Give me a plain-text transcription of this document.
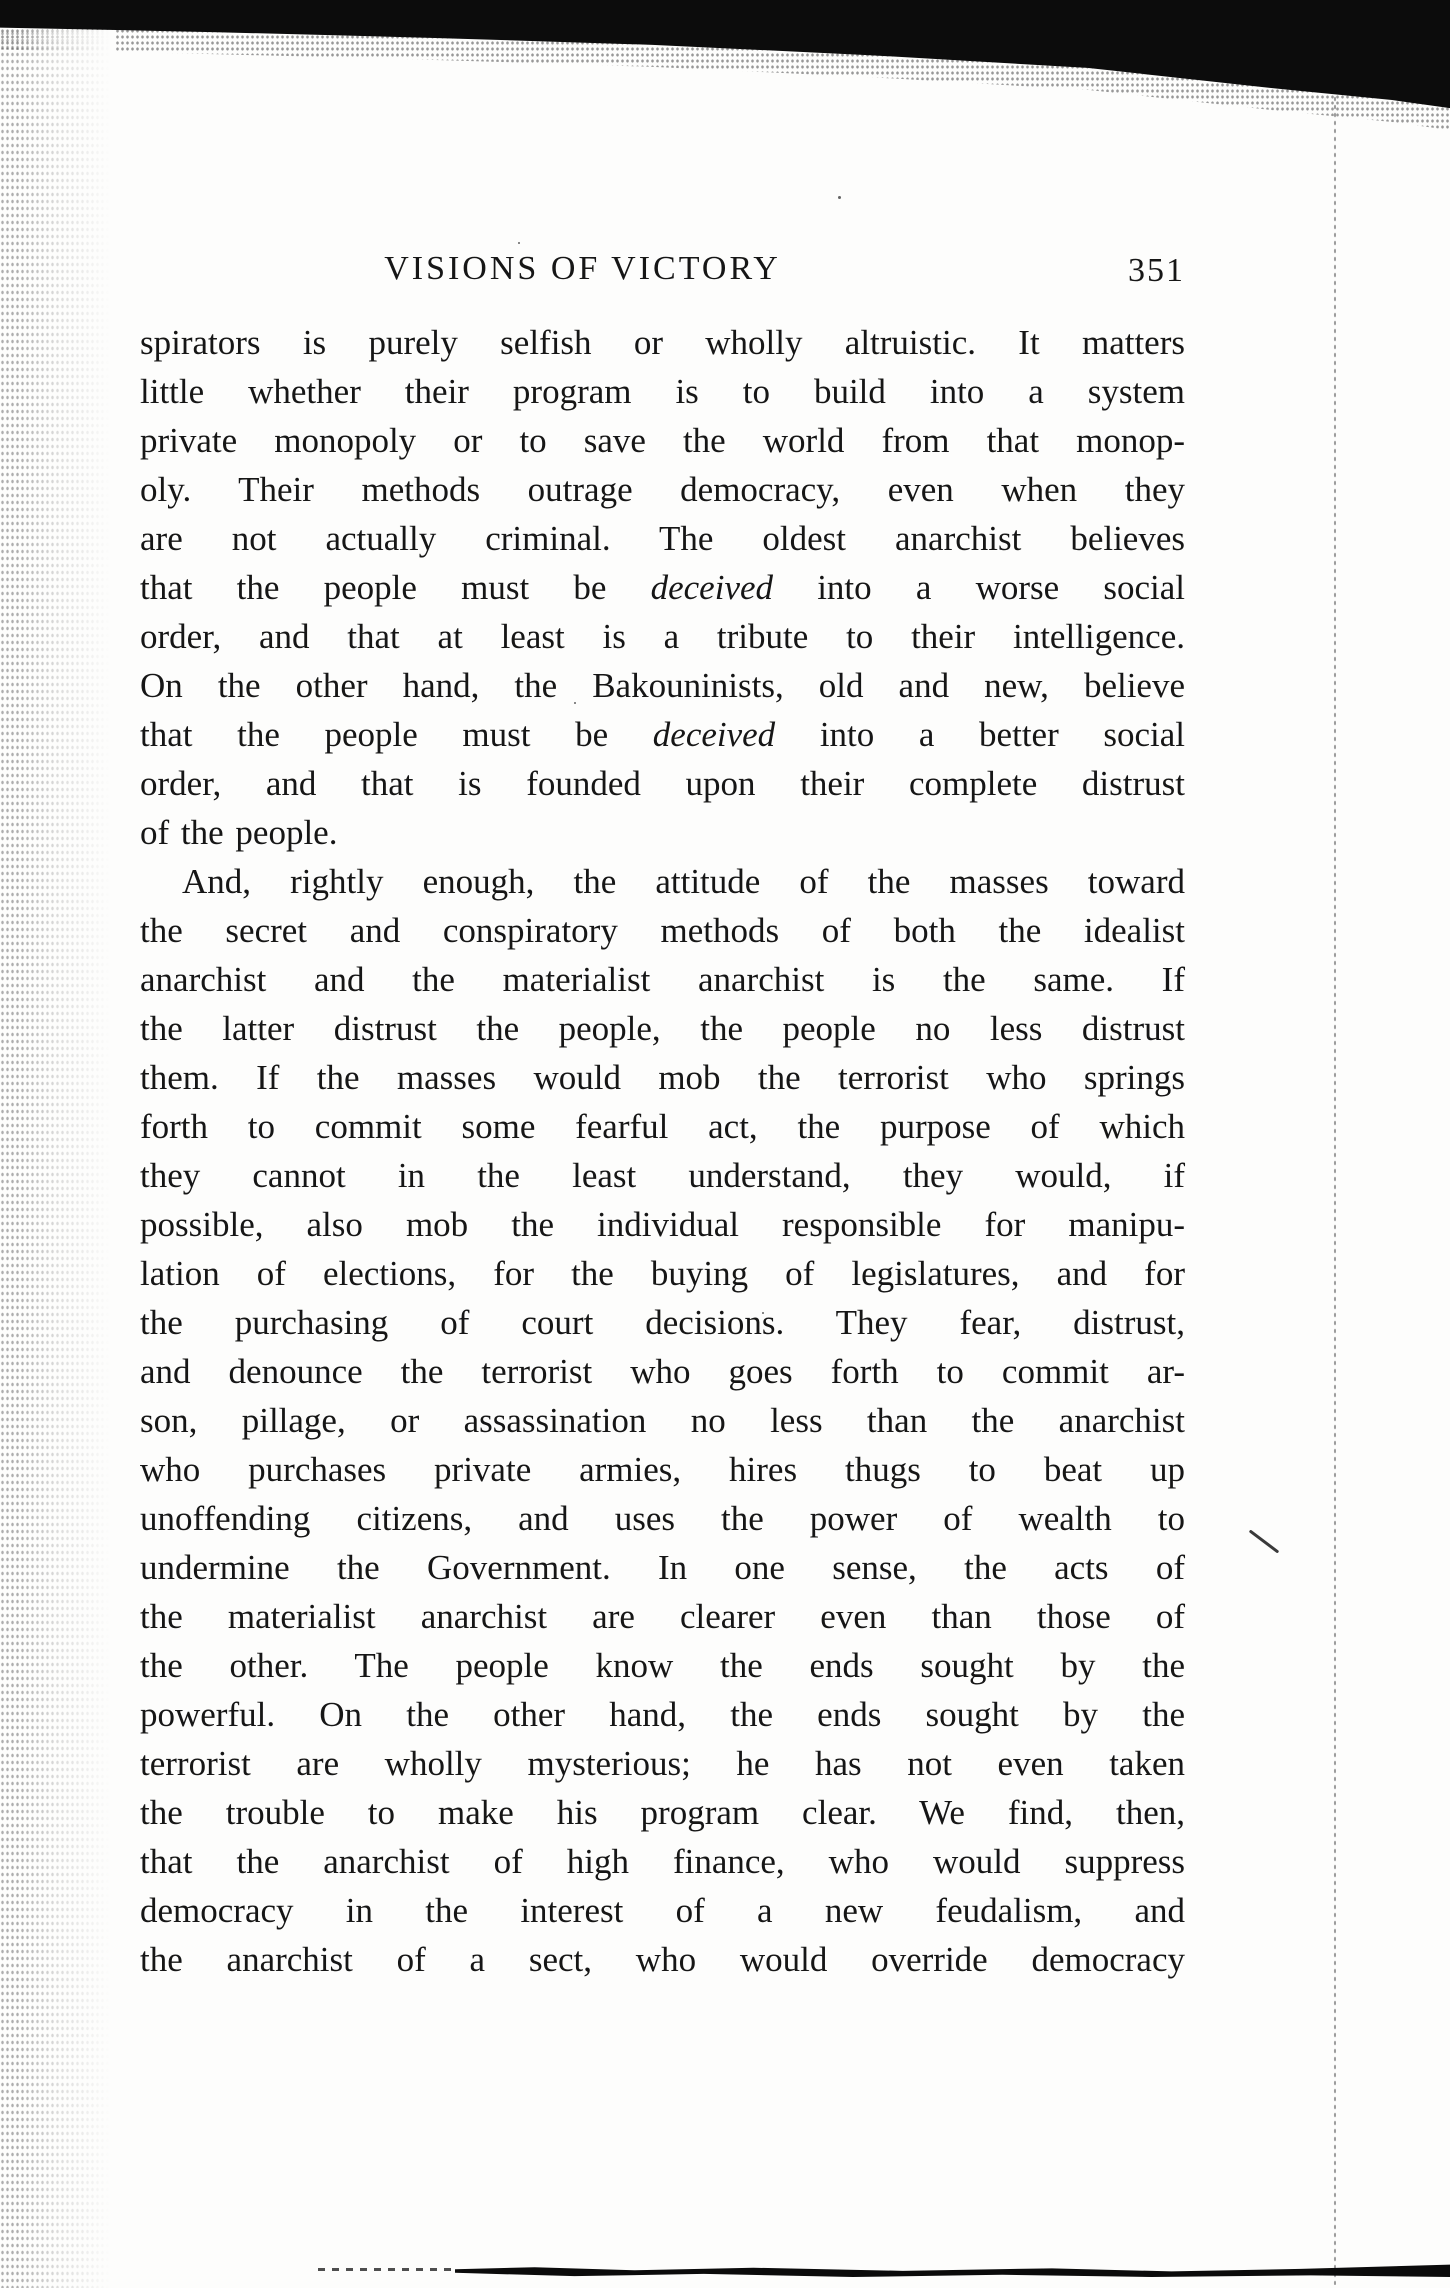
VISIONS OF VICTORY	351
spirators is purely selfish or wholly altruistic. It matters
little whether their program is to build into a system
private monopoly or to save the world from that monop-
oly. Their methods outrage democracy, even when they
are not actually criminal. The oldest anarchist believes
that the people must be deceived into a worse social
order, and that at least is a tribute to their intelligence.
On the other hand, the Bakouninists, old and new, believe
that the people must be deceived into a better social
order, and that is founded upon their complete distrust
of the people.
And, rightly enough, the attitude of the masses toward
the secret and conspiratory methods of both the idealist
anarchist and the materialist anarchist is the same. If
the latter distrust the people, the people no less distrust
them. If the masses would mob the terrorist who springs
forth to commit some fearful act, the purpose of which
they cannot in the least understand, they would, if
possible, also mob the individual responsible for manipu-
lation of elections, for the buying of legislatures, and for
the purchasing of court decisions. They fear, distrust,
and denounce the terrorist who goes forth to commit ar-
son, pillage, or assassination no less than the anarchist
who purchases private armies, hires thugs to beat up
unoffending citizens, and uses the power of wealth to
undermine the Government. In one sense, the acts of
the materialist anarchist are clearer even than those of
the other. The people know the ends sought by the
powerful. On the other hand, the ends sought by the
terrorist are wholly mysterious; he has not even taken
the trouble to make his program clear. We find, then,
that the anarchist of high finance, who would suppress
democracy in the interest of a new feudalism, and
the anarchist of a sect, who would override democracy
